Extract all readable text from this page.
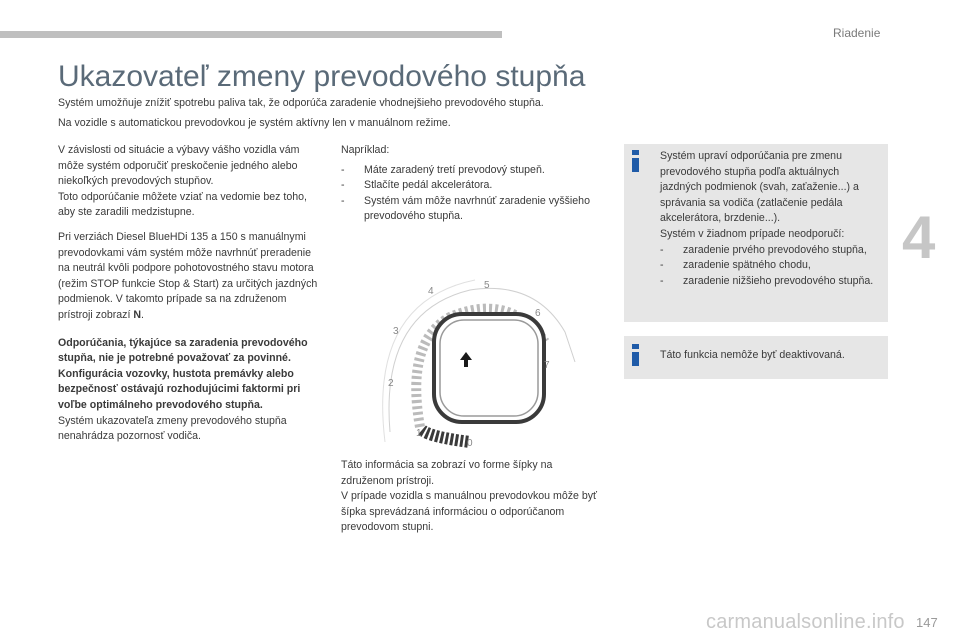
Riadenie
4
Ukazovateľ zmeny prevodového stupňa
Systém umožňuje znížiť spotrebu paliva tak, že odporúča zaradenie vhodnejšieho prevodového stupňa.
Na vozidle s automatickou prevodovkou je systém aktívny len v manuálnom režime.

V závislosti od situácie a výbavy vášho vozidla vám môže systém odporučiť preskočenie jedného alebo niekoľkých prevodových stupňov.
Toto odporúčanie môžete vziať na vedomie bez toho, aby ste zaradili medzistupne.

Pri verziách Diesel BlueHDi 135 a 150 s manuálnymi prevodovkami vám systém môže navrhnúť preradenie na neutrál kvôli podpore pohotovostného stavu motora (režim STOP funkcie Stop & Start) za určitých jazdných podmienok. V takomto prípade sa na združenom prístroji zobrazí N.

Odporúčania, týkajúce sa zaradenia prevodového stupňa, nie je potrebné považovať za povinné.
Konfigurácia vozovky, hustota premávky alebo bezpečnosť ostávajú rozhodujúcimi faktormi pri voľbe optimálneho prevodového stupňa.
Systém ukazovateľa zmeny prevodového stupňa nenahrádza pozornosť vodiča.

Napríklad:

- Máte zaradený tretí prevodový stupeň.
- Stlačíte pedál akcelerátora.
- Systém vám môže navrhnúť zaradenie vyššieho prevodového stupňa.
0
1
2
3
4
5
6
7

Táto informácia sa zobrazí vo forme šípky na združenom prístroji.

V prípade vozidla s manuálnou prevodovkou môže byť šípka sprevádzaná informáciou o odporúčanom prevodovom stupni.

Systém upraví odporúčania pre zmenu prevodového stupňa podľa aktuálnych jazdných podmienok (svah, zaťaženie...) a správania sa vodiča (zatlačenie pedála akcelerátora, brzdenie...).
Systém v žiadnom prípade neodporučí:
- zaradenie prvého prevodového stupňa,
- zaradenie spätného chodu,
- zaradenie nižšieho prevodového stupňa.
Táto funkcia nemôže byť deaktivovaná.
carmanualsonline.info 147
